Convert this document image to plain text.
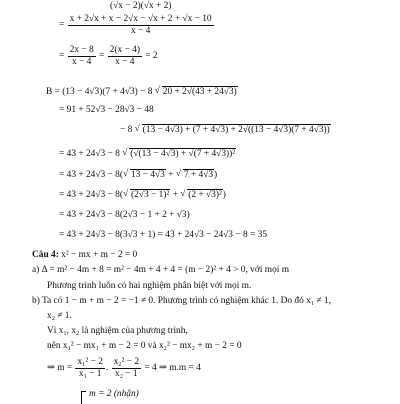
(√x − 2)(√x + 2)
= $\frac{x + 2√x + x - 2√x - √x + 2 + √x - 10}{x - 4}$
= $\frac{2x - 8}{x - 4} = \frac{2(x - 4)}{x - 4} = 2$
B = (13 − 4√3)(7 + 4√3) − 8 √ 20 + 2√(43 + 24√3)
= 91 + 52√3 − 28√3 − 48
− 8 √ (13 − 4√3) + (7 + 4√3) + 2√((13 − 4√3)(7 + 4√3))
= 43 + 24√3 − 8 √ (√(13 − 4√3) + √(7 + 4√3))²
= 43 + 24√3 − 8( √ 13 − 4√3 + √ 7 + 4√3)
= 43 + 24√3 − 8( √ (2√3 − 1)² + √ (2 + √3)²)
= 43 + 24√3 − 8(2√3 − 1 + 2 + √3)
= 43 + 24√3 − 8(3√3 + 1) = 43 + 24√3 − 24√3 − 8 = 35
Câu 4: x² − mx + m − 2 = 0
a) Δ = m² − 4m + 8 = m² − 4m + 4 + 4 = (m − 2)² + 4 > 0, với mọi m
Phương trình luôn có hai nghiệm phân biệt với mọi m.
b) Ta có 1 − m + m − 2 = −1 ≠ 0. Phương trình có nghiệm khác 1. Do đó x₁ ≠ 1,
x₂ ≠ 1.
Vì x₁, x₂ là nghiệm của phương trình,
nên x₁² − mx₁ + m − 2 = 0 và x₂² − mx₂ + m − 2 = 0
⇒ $m = \frac{\text{x₁² − 2}}{\text{x₁ − 1}}$ . $\frac{\text{x₂² − 2}}{\text{x₂ − 1}} = 4$ ⇒ m.m = 4
m = 2 (nhận)
